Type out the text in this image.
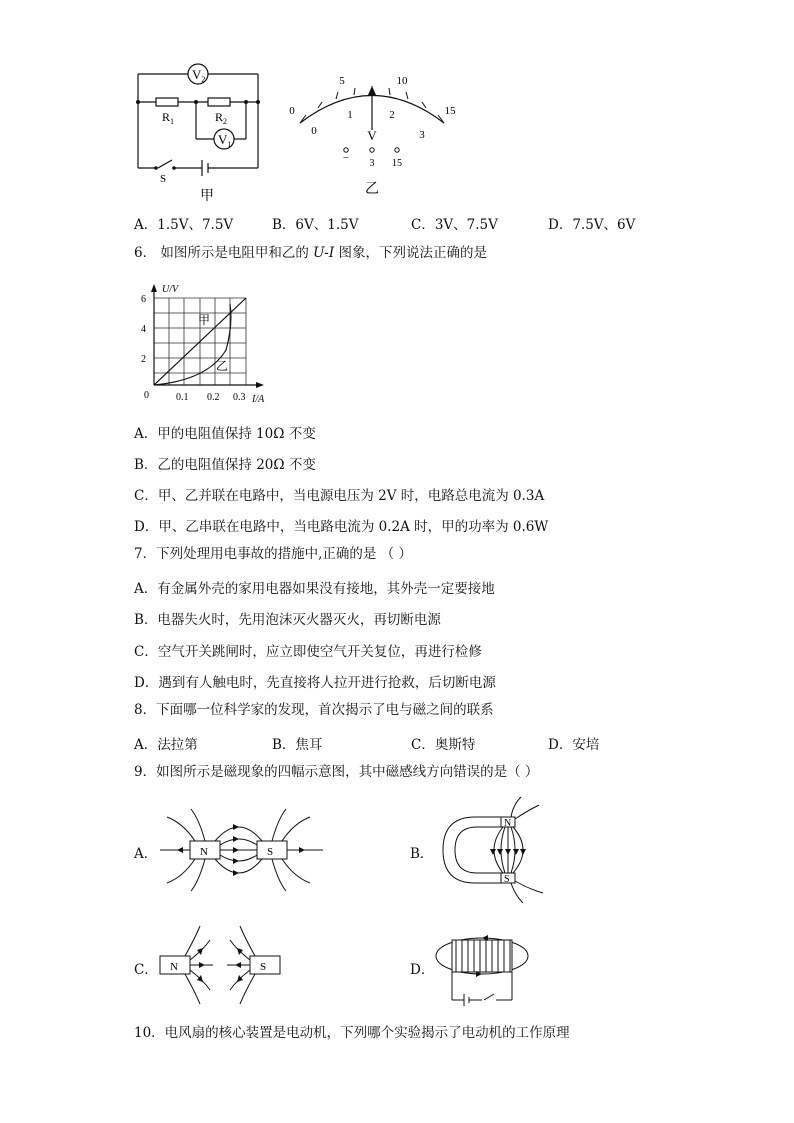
$V_2$
$V_1$
$R_1$	$R_2$
S
甲
0
5	10
15
0
1	2
3
V
− 3 15
乙
A．1.5V、7.5V	B．6V、1.5V	C．3V、7.5V	D．7.5V、6V
6． 如图所示是电阻甲和乙的 U-I 图象，下列说法正确的是
U/V
6
4
2
0	0.1 0.2 0.3 I/A
甲
乙
A．甲的电阻值保持 10Ω 不变
B．乙的电阻值保持 20Ω 不变
C．甲、乙并联在电路中，当电源电压为 2V 时，电路总电流为 0.3A
D．甲、乙串联在电路中，当电路电流为 0.2A 时，甲的功率为 0.6W
7．下列处理用电事故的措施中,正确的是 （ ）
A．有金属外壳的家用电器如果没有接地，其外壳一定要接地
B．电器失火时，先用泡沫灭火器灭火，再切断电源
C．空气开关跳闸时，应立即使空气开关复位，再进行检修
D．遇到有人触电时，先直接将人拉开进行抢救，后切断电源
8．下面哪一位科学家的发现，首次揭示了电与磁之间的联系
A．法拉第	B．焦耳	C．奥斯特	D．安培
9．如图所示是磁现象的四幅示意图，其中磁感线方向错误的是（ ）
A．	N	S	B．
N
S
C． N	S	D．
10．电风扇的核心装置是电动机，下列哪个实验揭示了电动机的工作原理
